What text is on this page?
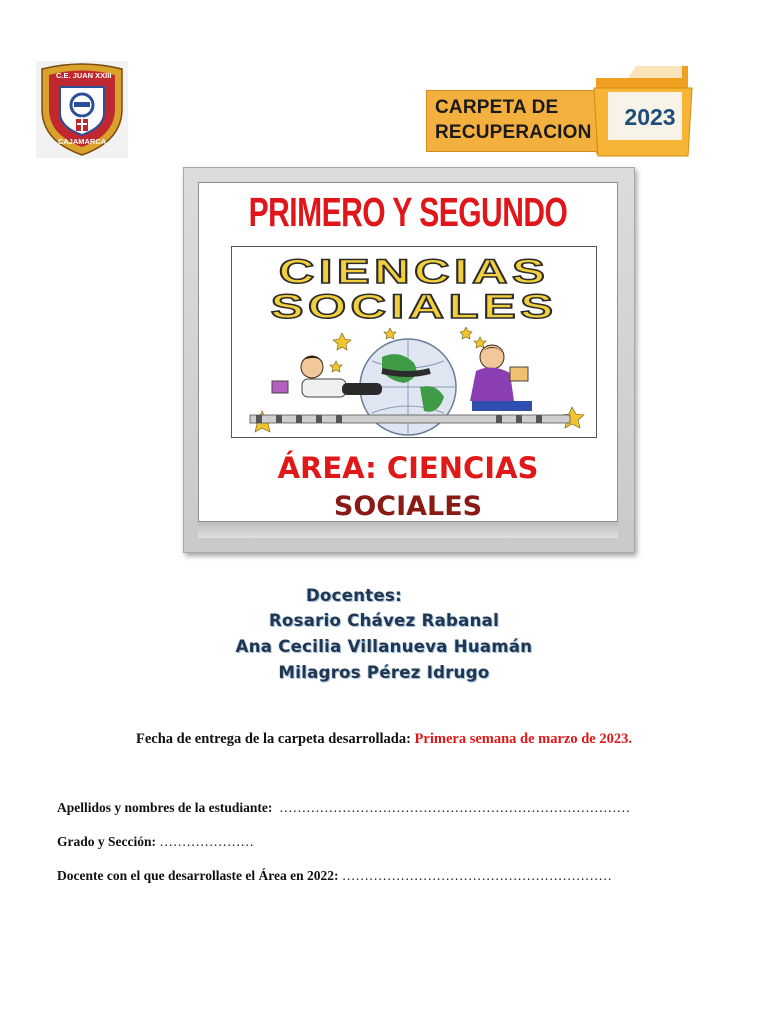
C.E. JUAN XXIII
CAJAMARCA
CARPETA DE
RECUPERACION
2023
PRIMERO Y SEGUNDO
CIENCIAS
SOCIALES
ÁREA: CIENCIAS
SOCIALES
Docentes:
Rosario Chávez Rabanal
Ana Cecilia Villanueva Huamán
Milagros Pérez Idrugo
Fecha de entrega de la carpeta desarrollada: Primera semana de marzo de 2023.
Apellidos y nombres de la estudiante: ……………………………………………………………………
Grado y Sección: …………………
Docente con el que desarrollaste el Área en 2022: ……………………………………………………
